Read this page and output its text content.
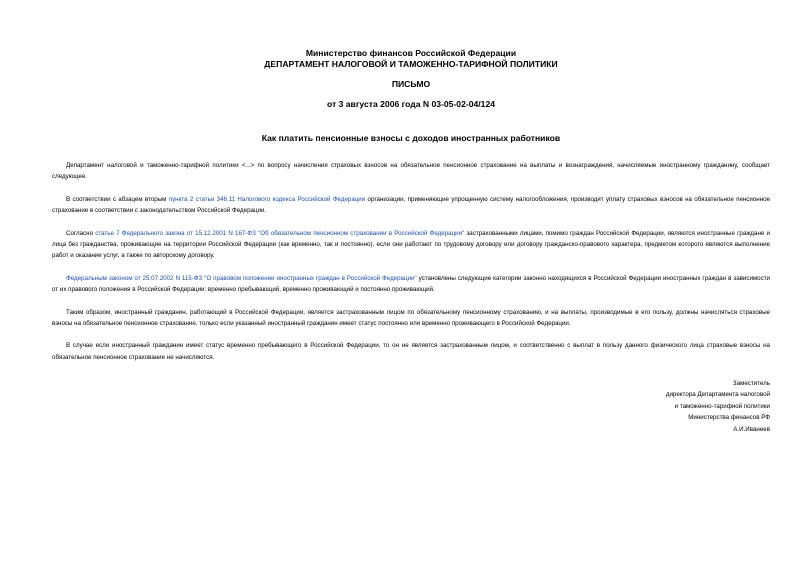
Министерство финансов Российской Федерации
ДЕПАРТАМЕНТ НАЛОГОВОЙ И ТАМОЖЕННО-ТАРИФНОЙ ПОЛИТИКИ
ПИСЬМО
от 3 августа 2006 года N 03-05-02-04/124
Как платить пенсионные взносы с доходов иностранных работников

Департамент налоговой и таможенно-тарифной политики <...> по вопросу начисления страховых взносов на обязательное пенсионное страхование на выплаты и вознаграждения, начисляемые иностранному гражданину, сообщает следующее.

В соответствии с абзацем вторым пункта 2 статьи 346.11 Налогового кодекса Российской Федерации организации, применяющие упрощенную систему налогообложения, производят уплату страховых взносов на обязательное пенсионное страхование в соответствии с законодательством Российской Федерации.

Согласно статье 7 Федерального закона от 15.12.2001 N 167-ФЗ "Об обязательном пенсионном страховании в Российской Федерации" застрахованными лицами, помимо граждан Российской Федерации, являются иностранные граждане и лица без гражданства, проживающие на территории Российской Федерации (как временно, так и постоянно), если они работают по трудовому договору или договору гражданско-правового характера, предметом которого являются выполнение работ и оказание услуг, а также по авторскому договору.

Федеральным законом от 25.07.2002 N 115-ФЗ "О правовом положении иностранных граждан в Российской Федерации" установлены следующие категории законно находящихся в Российской Федерации иностранных граждан в зависимости от их правового положения в Российской Федерации: временно пребывающий, временно проживающий и постоянно проживающий.

Таким образом, иностранный гражданин, работающий в Российской Федерации, является застрахованным лицом по обязательному пенсионному страхованию, и на выплаты, производимые в его пользу, должны начисляться страховые взносы на обязательное пенсионное страхование, только если указанный иностранный гражданин имеет статус постоянно или временно проживающего в Российской Федерации.

В случае если иностранный гражданин имеет статус временно пребывающего в Российской Федерации, то он не является застрахованным лицом, и соответственно с выплат в пользу данного физического лица страховые взносы на обязательное пенсионное страхование не начисляются.

Заместитель
директора Департамента налоговой
и таможенно-тарифной политики
Министерства финансов РФ
А.И.Иванеев
